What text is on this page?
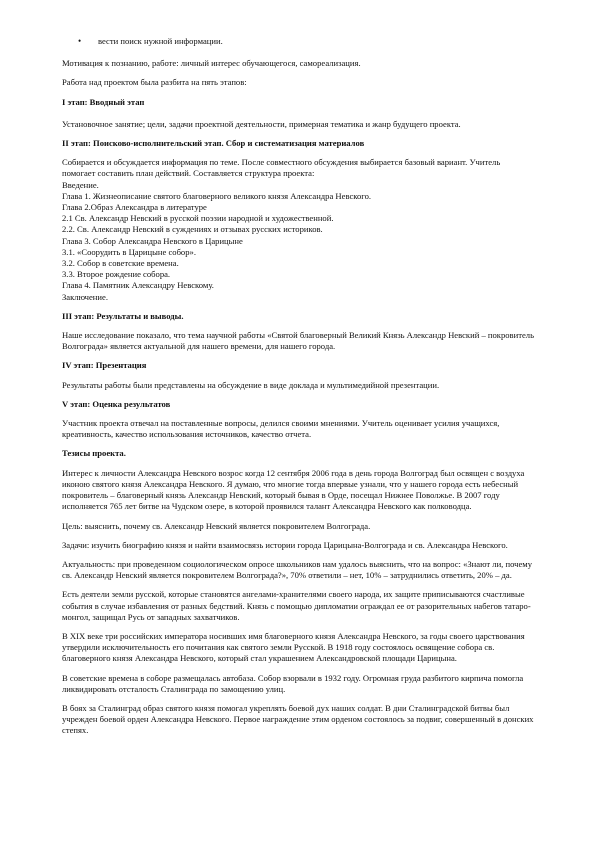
•	вести поиск нужной информации.

Мотивация к познанию, работе: личный интерес обучающегося, самореализация.

Работа над проектом была разбита на пять этапов:

I этап: Вводный этап

Установочное занятие; цели, задачи проектной деятельности, примерная тематика и жанр будущего проекта.

II этап: Поисково-исполнительский этап. Сбор и систематизация материалов

Собирается и обсуждается информация по теме. После совместного обсуждения выбирается базовый вариант. Учитель помогает составить план действий. Составляется структура проекта:

Введение.
Глава 1. Жизнеописание святого благоверного великого князя Александра Невского.
Глава 2.Образ Александра в литературе
2.1 Св. Александр Невский в русской поэзии народной и художественной.
2.2. Св. Александр Невский в суждениях и отзывах русских историков.
Глава 3. Собор Александра Невского в Царицыне
3.1. «Соорудить в Царицыне собор».
3.2. Собор в советские времена.
3.3. Второе рождение собора.
Глава 4. Памятник Александру Невскому.
Заключение.

III этап: Результаты и выводы.

Наше исследование показало, что тема научной работы «Святой благоверный Великий Князь Александр Невский – покровитель Волгограда» является актуальной для нашего времени, для нашего города.

IV этап: Презентация

Результаты работы были представлены на обсуждение в виде доклада и мультимедийной презентации.

V этап: Оценка результатов

Участник проекта отвечал на поставленные вопросы, делился своими мнениями. Учитель оценивает усилия учащихся, креативность, качество использования источников, качество отчета.

Тезисы проекта.

Интерес к личности Александра Невского возрос когда 12 сентября 2006 года в день города Волгоград был освящен с воздуха иконою святого князя Александра Невского. Я думаю, что многие тогда впервые узнали, что у нашего города есть небесный покровитель – благоверный князь Александр Невский, который бывая в Орде, посещал Нижнее Поволжье. В 2007 году исполняется 765 лет битве на Чудском озере, в которой проявился талант Александра Невского как полководца.

Цель: выяснить, почему св. Александр Невский является покровителем Волгограда.

Задачи: изучить биографию князя и найти взаимосвязь истории города Царицына-Волгограда и св. Александра Невского.

Актуальность: при проведенном социологическом опросе школьников нам удалось выяснить, что на вопрос: «Знают ли, почему св. Александр Невский является покровителем Волгограда?», 70% ответили – нет, 10% – затруднились ответить, 20% – да.

Есть деятели земли русской, которые становятся ангелами-хранителями своего народа, их защите приписываются счастливые события в случае избавления от разных бедствий. Князь с помощью дипломатии ограждал ее от разорительных набегов татаро-монгол, защищал Русь от западных захватчиков.

В XIX веке три российских императора носивших имя благоверного князя Александра Невского, за годы своего царствования утвердили исключительность его почитания как святого земли Русской. В 1918 году состоялось освящение собора св. благоверного князя Александра Невского, который стал украшением Александровской площади Царицына.

В советские времена в соборе размещалась автобаза. Собор взорвали в 1932 году. Огромная груда разбитого кирпича помогла ликвидировать отсталость Сталинграда по замощению улиц.

В боях за Сталинград образ святого князя помогал укреплять боевой дух наших солдат. В дни Сталинградской битвы был учрежден боевой орден Александра Невского. Первое награждение этим орденом состоялось за подвиг, совершенный в донских степях.
